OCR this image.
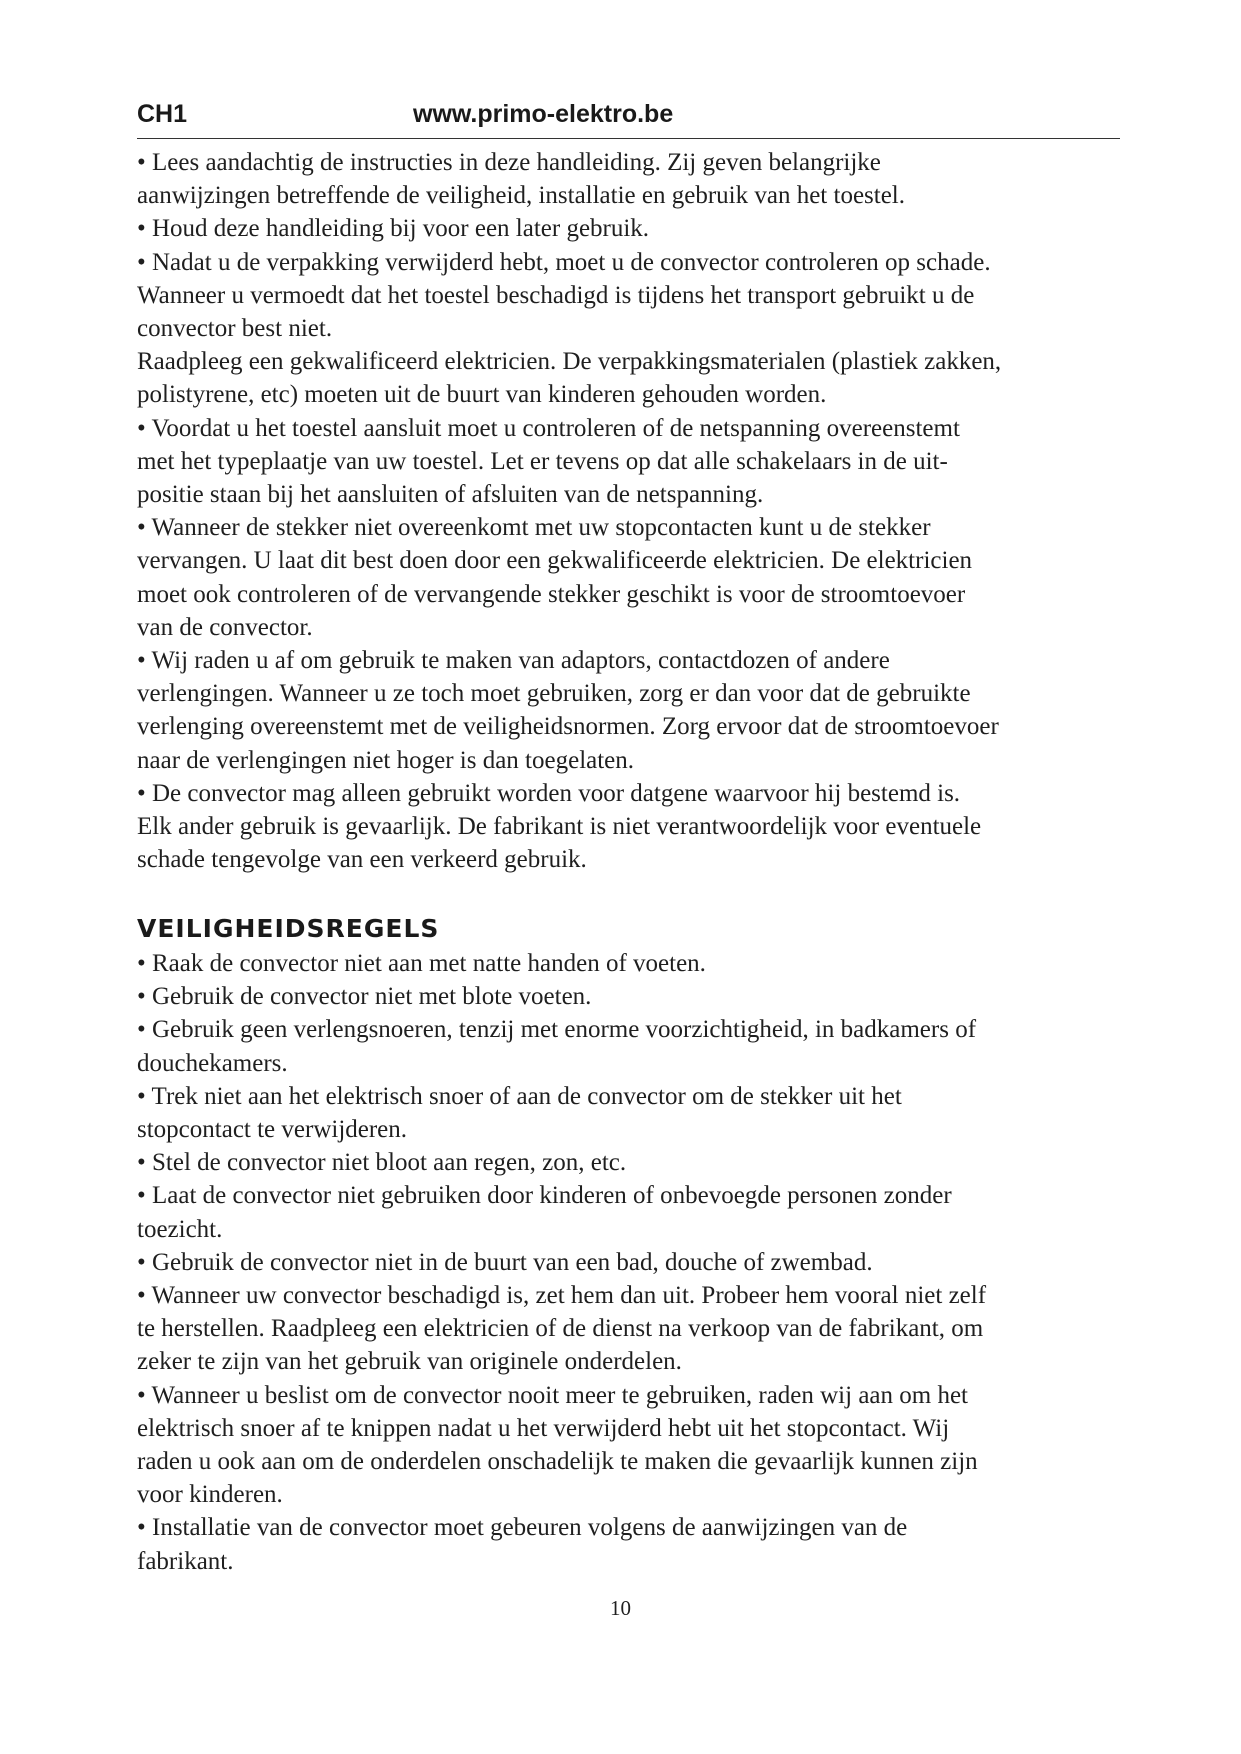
CH1	www.primo-elektro.be

• Lees aandachtig de instructies in deze handleiding. Zij geven belangrijke

aanwijzingen betreffende de veiligheid, installatie en gebruik van het toestel.

• Houd deze handleiding bij voor een later gebruik.

• Nadat u de verpakking verwijderd hebt, moet u de convector controleren op schade.

Wanneer u vermoedt dat het toestel beschadigd is tijdens het transport gebruikt u de

convector best niet.

Raadpleeg een gekwalificeerd elektricien. De verpakkingsmaterialen (plastiek zakken,

polistyrene, etc) moeten uit de buurt van kinderen gehouden worden.

• Voordat u het toestel aansluit moet u controleren of de netspanning overeenstemt

met het typeplaatje van uw toestel. Let er tevens op dat alle schakelaars in de uit-

positie staan bij het aansluiten of afsluiten van de netspanning.

• Wanneer de stekker niet overeenkomt met uw stopcontacten kunt u de stekker

vervangen. U laat dit best doen door een gekwalificeerde elektricien. De elektricien

moet ook controleren of de vervangende stekker geschikt is voor de stroomtoevoer

van de convector.

• Wij raden u af om gebruik te maken van adaptors, contactdozen of andere

verlengingen. Wanneer u ze toch moet gebruiken, zorg er dan voor dat de gebruikte

verlenging overeenstemt met de veiligheidsnormen. Zorg ervoor dat de stroomtoevoer

naar de verlengingen niet hoger is dan toegelaten.

• De convector mag alleen gebruikt worden voor datgene waarvoor hij bestemd is.

Elk ander gebruik is gevaarlijk. De fabrikant is niet verantwoordelijk voor eventuele

schade tengevolge van een verkeerd gebruik.

VEILIGHEIDSREGELS

• Raak de convector niet aan met natte handen of voeten.

• Gebruik de convector niet met blote voeten.

• Gebruik geen verlengsnoeren, tenzij met enorme voorzichtigheid, in badkamers of

douchekamers.

• Trek niet aan het elektrisch snoer of aan de convector om de stekker uit het

stopcontact te verwijderen.

• Stel de convector niet bloot aan regen, zon, etc.

• Laat de convector niet gebruiken door kinderen of onbevoegde personen zonder

toezicht.

• Gebruik de convector niet in de buurt van een bad, douche of zwembad.

• Wanneer uw convector beschadigd is, zet hem dan uit. Probeer hem vooral niet zelf

te herstellen. Raadpleeg een elektricien of de dienst na verkoop van de fabrikant, om

zeker te zijn van het gebruik van originele onderdelen.

• Wanneer u beslist om de convector nooit meer te gebruiken, raden wij aan om het

elektrisch snoer af te knippen nadat u het verwijderd hebt uit het stopcontact. Wij

raden u ook aan om de onderdelen onschadelijk te maken die gevaarlijk kunnen zijn

voor kinderen.

• Installatie van de convector moet gebeuren volgens de aanwijzingen van de

fabrikant.

10
